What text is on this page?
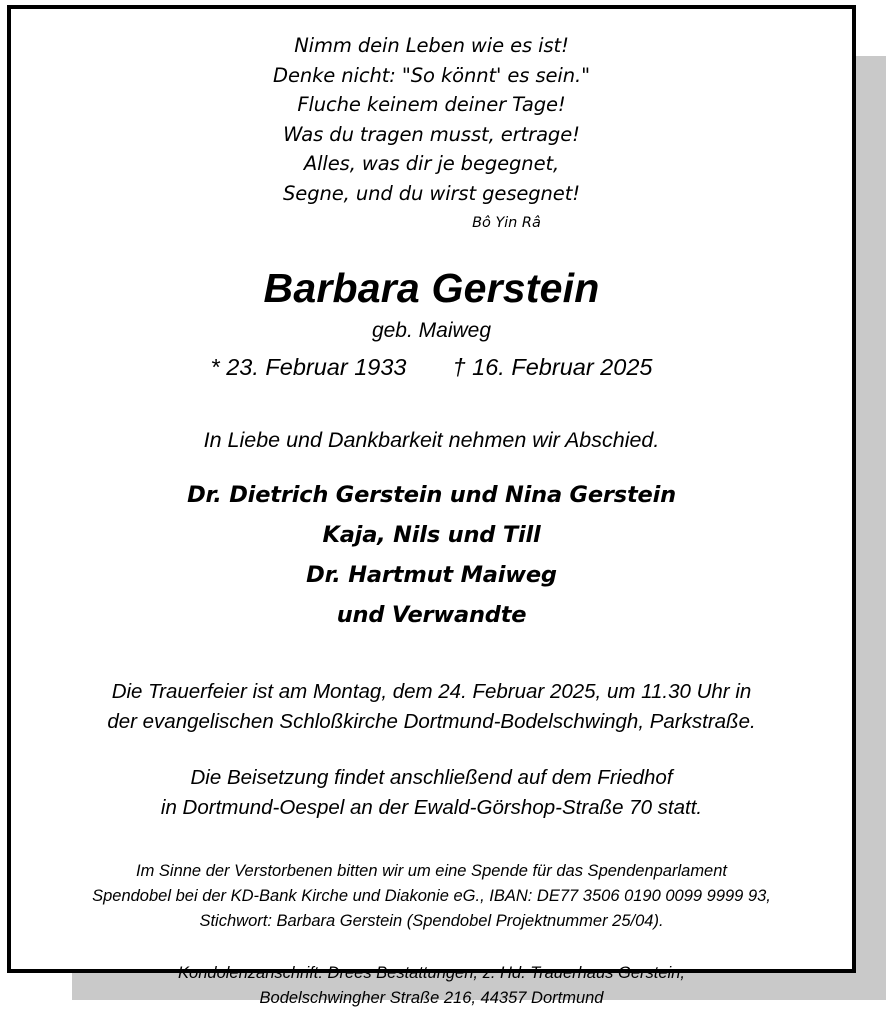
Nimm dein Leben wie es ist!
Denke nicht: "So könnt' es sein."
Fluche keinem deiner Tage!
Was du tragen musst, ertrage!
Alles, was dir je begegnet,
Segne, und du wirst gesegnet!
Bô Yin Râ
Barbara Gerstein
geb. Maiweg
* 23. Februar 1933 † 16. Februar 2025
In Liebe und Dankbarkeit nehmen wir Abschied.
Dr. Dietrich Gerstein und Nina Gerstein
Kaja, Nils und Till
Dr. Hartmut Maiweg
und Verwandte
Die Trauerfeier ist am Montag, dem 24. Februar 2025, um 11.30 Uhr in
der evangelischen Schloßkirche Dortmund-Bodelschwingh, Parkstraße.
Die Beisetzung findet anschließend auf dem Friedhof
in Dortmund-Oespel an der Ewald-Görshop-Straße 70 statt.
Im Sinne der Verstorbenen bitten wir um eine Spende für das Spendenparlament
Spendobel bei der KD-Bank Kirche und Diakonie eG., IBAN: DE77 3506 0190 0099 9999 93,
Stichwort: Barbara Gerstein (Spendobel Projektnummer 25/04).
Kondolenzanschrift: Drees Bestattungen, z. Hd. Trauerhaus Gerstein,
Bodelschwingher Straße 216, 44357 Dortmund
